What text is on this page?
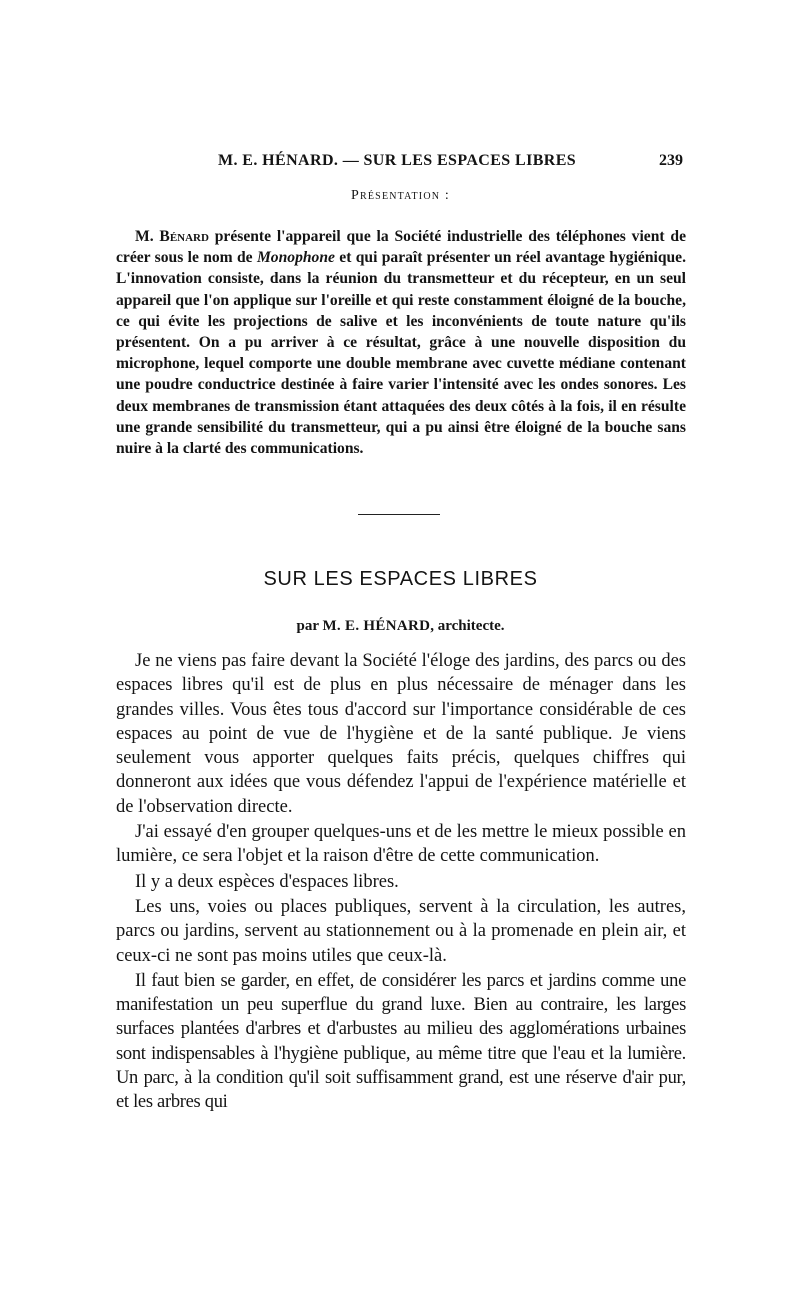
M. E. HÉNARD. — SUR LES ESPACES LIBRES	239
Présentation :

M. Bénard présente l'appareil que la Société industrielle des téléphones vient de créer sous le nom de Monophone et qui paraît présenter un réel avantage hygiénique. L'innovation consiste, dans la réunion du transmetteur et du récepteur, en un seul appareil que l'on applique sur l'oreille et qui reste constamment éloigné de la bouche, ce qui évite les projections de salive et les inconvénients de toute nature qu'ils présentent. On a pu arriver à ce résultat, grâce à une nouvelle disposition du microphone, lequel comporte une double membrane avec cuvette médiane contenant une poudre conductrice destinée à faire varier l'intensité avec les ondes sonores. Les deux membranes de transmission étant attaquées des deux côtés à la fois, il en résulte une grande sensibilité du transmetteur, qui a pu ainsi être éloigné de la bouche sans nuire à la clarté des communications.

SUR LES ESPACES LIBRES
par M. E. HÉNARD, architecte.

Je ne viens pas faire devant la Société l'éloge des jardins, des parcs ou des espaces libres qu'il est de plus en plus nécessaire de ménager dans les grandes villes. Vous êtes tous d'accord sur l'importance considérable de ces espaces au point de vue de l'hygiène et de la santé publique. Je viens seulement vous apporter quelques faits précis, quelques chiffres qui donneront aux idées que vous défendez l'appui de l'expérience matérielle et de l'observation directe.

J'ai essayé d'en grouper quelques-uns et de les mettre le mieux possible en lumière, ce sera l'objet et la raison d'être de cette communication.

Il y a deux espèces d'espaces libres.

Les uns, voies ou places publiques, servent à la circulation, les autres, parcs ou jardins, servent au stationnement ou à la promenade en plein air, et ceux-ci ne sont pas moins utiles que ceux-là.

Il faut bien se garder, en effet, de considérer les parcs et jardins comme une manifestation un peu superflue du grand luxe. Bien au contraire, les larges surfaces plantées d'arbres et d'arbustes au milieu des agglomérations urbaines sont indispensables à l'hygiène publique, au même titre que l'eau et la lumière. Un parc, à la condition qu'il soit suffisamment grand, est une réserve d'air pur, et les arbres qui
